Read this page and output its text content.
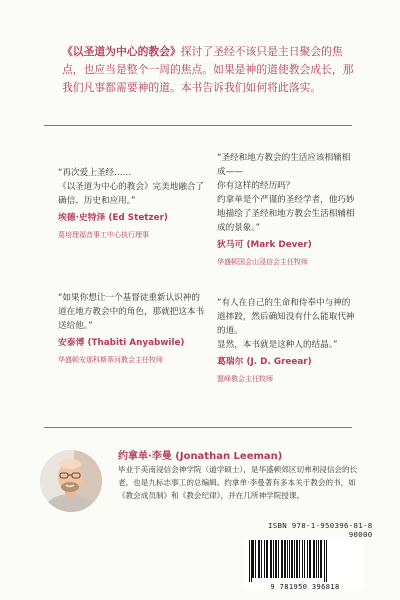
《以圣道为中心的教会》探讨了圣经不该只是主日聚会的焦点，也应当是整个一周的焦点。如果是神的道使教会成长，那我们凡事都需要神的道。本书告诉我们如何将此落实。
“再次爱上圣经……
《以圣道为中心的教会》完美地融合了确信、历史和应用。”
埃德·史特泽 (Ed Stetzer)
葛培理福音事工中心执行理事
“圣经和地方教会的生活应该相辅相成——
你有这样的经历吗？
约拿单是个严谨的圣经学者，他巧妙地描绘了圣经和地方教会生活相辅相成的景象。”
狄马可 (Mark Dever)
华盛顿国会山浸信会主任牧师
“如果你想让一个基督徒重新认识神的道在地方教会中的角色，那就把这本书送给他。”
安泰博 (Thabiti Anyabwile)
华盛顿安那科斯蒂河教会主任牧师
“有人在自己的生命和侍奉中与神的道摔跤，然后确知没有什么能取代神的道。
显然，本书就是这种人的结晶。”
葛瑞尔 (J. D. Greear)
盟峰教会主任牧师
约拿单·李曼 (Jonathan Leeman)
毕业于美南浸信会神学院（道学硕士），是华盛顿郊区切弗利浸信会的长老，也是九标志事工的总编辑。约拿单·李曼著有多本关于教会的书，如《教会成员制》和《教会纪律》，并在几所神学院授课。
ISBN 978-1-950396-81-8
90000
9 781950 396818
